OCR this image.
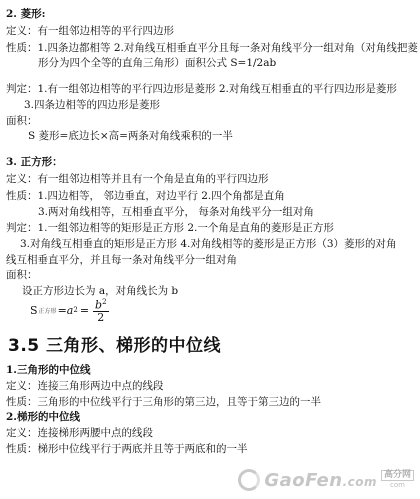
2. 菱形:
定义：有一组邻边相等的平行四边形
性质：1.四条边都相等 2.对角线互相垂直平分且每一条对角线平分一组对角（对角线把菱
形分为四个全等的直角三角形）面积公式 S=1/2ab
判定：1.有一组邻边相等的平行四边形是菱形 2.对角线互相垂直的平行四边形是菱形
3.四条边相等的四边形是菱形
面积：
S 菱形=底边长×高=两条对角线乘积的一半
3. 正方形：
定义：有一组邻边相等并且有一个角是直角的平行四边形
性质：1.四边相等， 邻边垂直，对边平行 2.四个角都是直角
3.两对角线相等，互相垂直平分， 每条对角线平分一组对角
判定：1.一组邻边相等的矩形是正方形 2.一个角是直角的菱形是正方形
3.对角线互相垂直的矩形是正方形 4.对角线相等的菱形是正方形（3）菱形的对角
线互相垂直平分，并且每一条对角线平分一组对角
面积：
设正方形边长为 a，对角线长为 b
S 正方形 =a $2 = \frac{b^2}{2}$
3.5 三角形、梯形的中位线
1.三角形的中位线
定义：连接三角形两边中点的线段
性质：三角形的中位线平行于三角形的第三边，且等于第三边的一半
2.梯形的中位线
定义：连接梯形两腰中点的线段
性质：梯形中位线平行于两底并且等于两底和的一半
GaoFen.com 高分网
com
